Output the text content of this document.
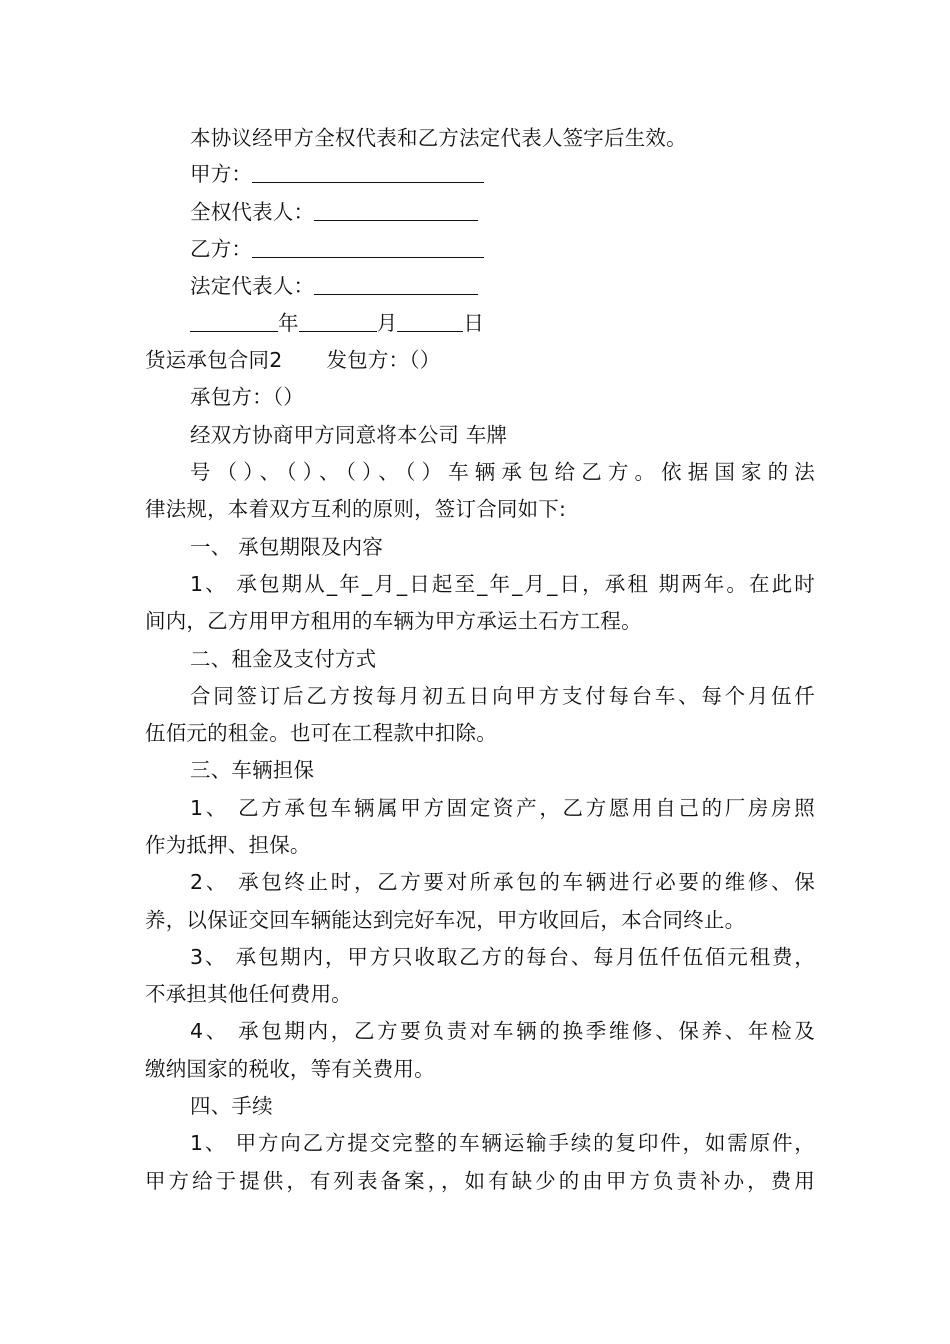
本协议经甲方全权代表和乙方法定代表人签字后生效。
甲方：
全权代表人：
乙方：
法定代表人：
年	月	日
货运承包合同2 发包方：（）
承包方：（）
经双方协商甲方同意将本公司 车牌
号（）、（）、（）、（）车辆承包给乙方。依据国家的法
律法规，本着双方互利的原则，签订合同如下:
一、 承包期限及内容
1、 承包期从_年_月_日起至_年_月_日，承租 期两年。在此时
间内，乙方用甲方租用的车辆为甲方承运土石方工程。
二、租金及支付方式
合同签订后乙方按每月初五日向甲方支付每台车、每个月伍仟
伍佰元的租金。也可在工程款中扣除。
三、车辆担保
1、 乙方承包车辆属甲方固定资产，乙方愿用自己的厂房房照
作为抵押、担保。
2、 承包终止时，乙方要对所承包的车辆进行必要的维修、保
养，以保证交回车辆能达到完好车况，甲方收回后，本合同终止。
3、 承包期内，甲方只收取乙方的每台、每月伍仟伍佰元租费，
不承担其他任何费用。
4、 承包期内，乙方要负责对车辆的换季维修、保养、年检及
缴纳国家的税收，等有关费用。
四、手续
1、 甲方向乙方提交完整的车辆运输手续的复印件，如需原件，
甲方给于提供，有列表备案，，如有缺少的由甲方负责补办，费用
